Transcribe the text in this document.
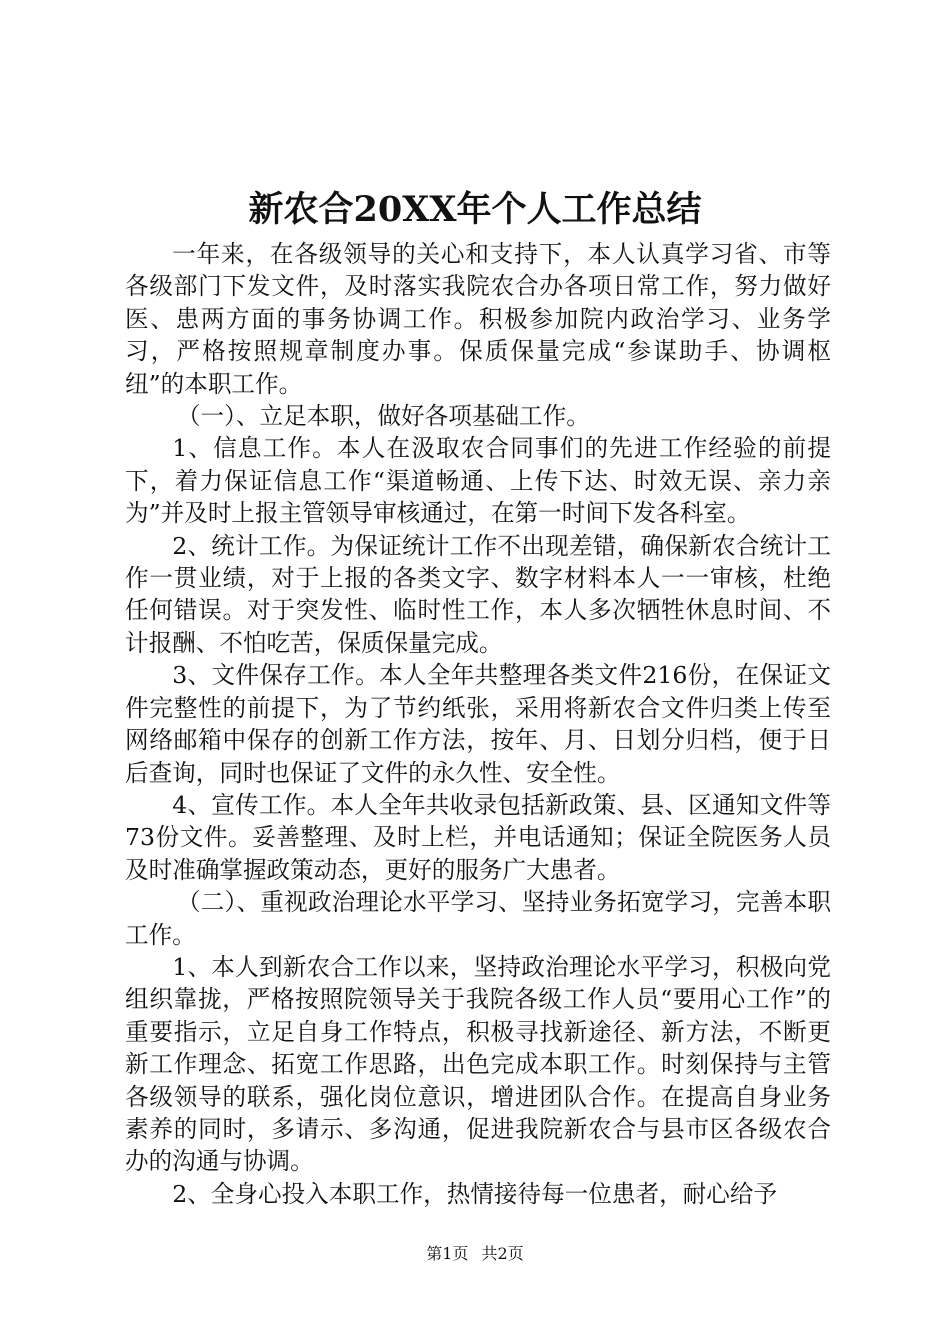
新农合20XX年个人工作总结

一年来，在各级领导的关心和支持下，本人认真学习省、市等各级部门下发文件，及时落实我院农合办各项日常工作，努力做好医、患两方面的事务协调工作。积极参加院内政治学习、业务学习，严格按照规章制度办事。保质保量完成“参谋助手、协调枢纽”的本职工作。

（一）、立足本职，做好各项基础工作。

1、信息工作。本人在汲取农合同事们的先进工作经验的前提下，着力保证信息工作“渠道畅通、上传下达、时效无误、亲力亲为”并及时上报主管领导审核通过，在第一时间下发各科室。

2、统计工作。为保证统计工作不出现差错，确保新农合统计工作一贯业绩，对于上报的各类文字、数字材料本人一一审核，杜绝任何错误。对于突发性、临时性工作，本人多次牺牲休息时间、不计报酬、不怕吃苦，保质保量完成。

3、文件保存工作。本人全年共整理各类文件216份，在保证文件完整性的前提下，为了节约纸张，采用将新农合文件归类上传至网络邮箱中保存的创新工作方法，按年、月、日划分归档，便于日后查询，同时也保证了文件的永久性、安全性。

4、宣传工作。本人全年共收录包括新政策、县、区通知文件等73份文件。妥善整理、及时上栏，并电话通知；保证全院医务人员及时准确掌握政策动态，更好的服务广大患者。

（二）、重视政治理论水平学习、坚持业务拓宽学习，完善本职工作。

1、本人到新农合工作以来，坚持政治理论水平学习，积极向党组织靠拢，严格按照院领导关于我院各级工作人员“要用心工作”的重要指示，立足自身工作特点，积极寻找新途径、新方法，不断更新工作理念、拓宽工作思路，出色完成本职工作。时刻保持与主管各级领导的联系，强化岗位意识，增进团队合作。在提高自身业务素养的同时，多请示、多沟通，促进我院新农合与县市区各级农合办的沟通与协调。

2、全身心投入本职工作，热情接待每一位患者，耐心给予

第1页 共2页
